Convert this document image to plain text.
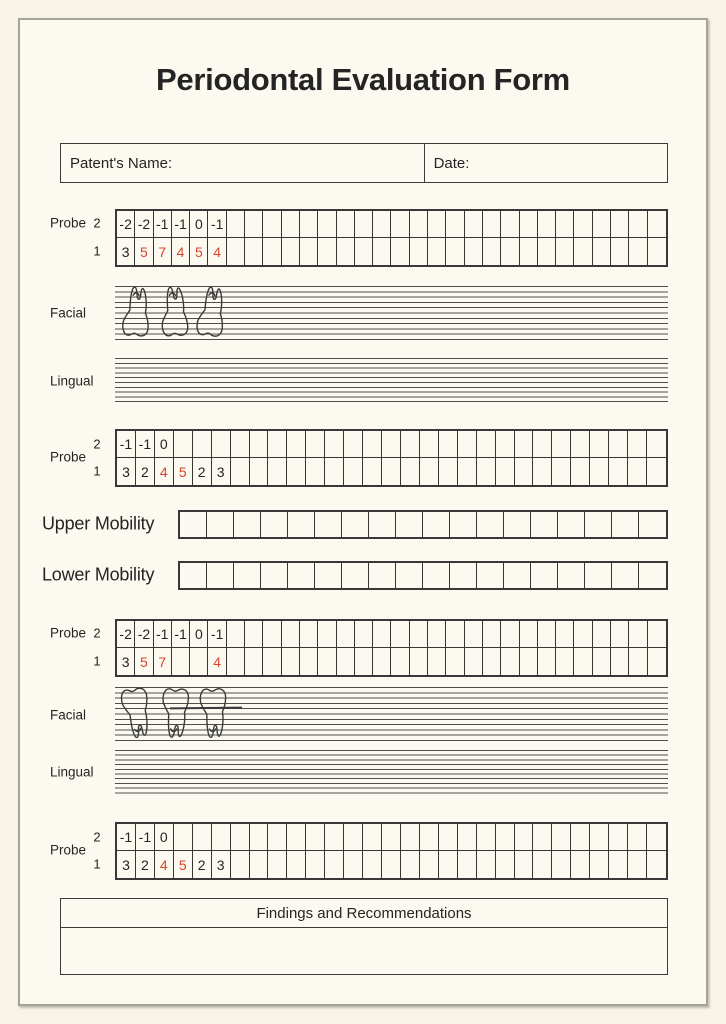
Periodontal Evaluation Form
Patent's Name:	Date:
Probe 2
1
-2 -2 -1 -1 0 -1
3 5 7 4 5 4
Facial
Lingual
Probe
2
1
-1 -1 0
3 2 4 5 2 3
Upper Mobility
Lower Mobility
Probe 2
1
-2 -2 -1 -1 0 -1
3 5 7	4
Facial
Lingual
Probe
2
1
-1 -1 0
3 2 4 5 2 3
Findings and Recommendations
